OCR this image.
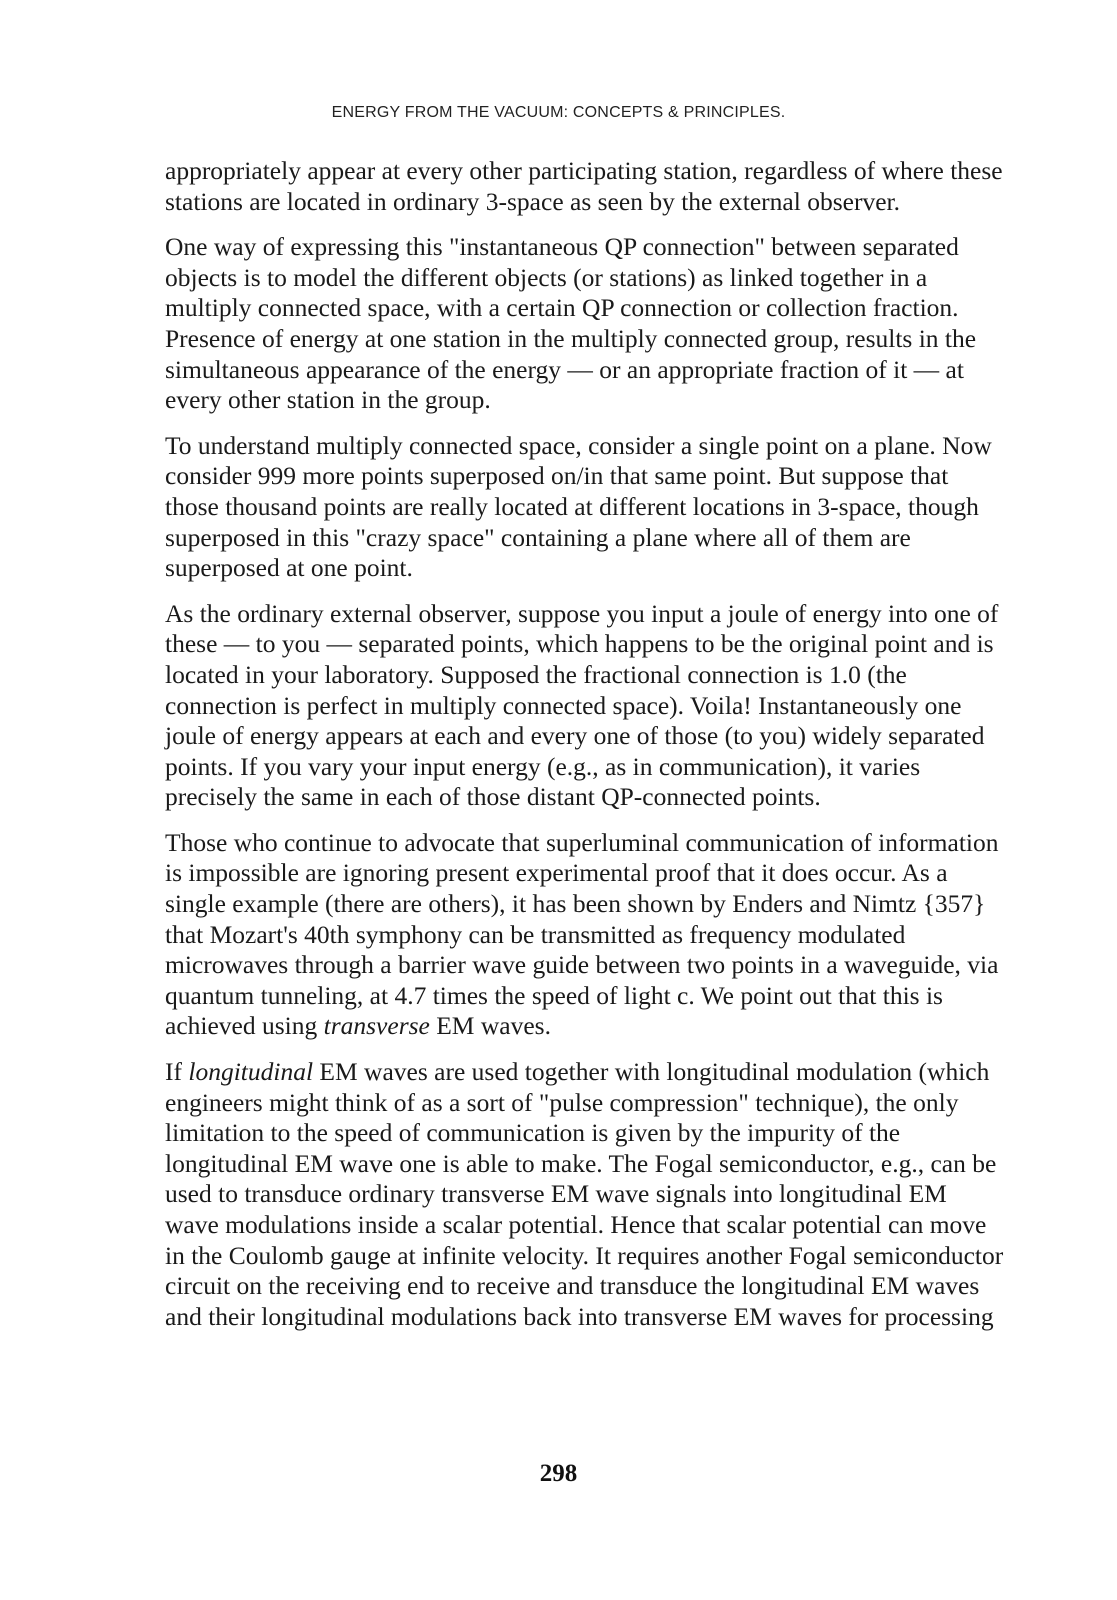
ENERGY FROM THE VACUUM: CONCEPTS & PRINCIPLES.

appropriately appear at every other participating station, regardless of where these stations are located in ordinary 3-space as seen by the external observer.

One way of expressing this "instantaneous QP connection" between separated objects is to model the different objects (or stations) as linked together in a multiply connected space, with a certain QP connection or collection fraction. Presence of energy at one station in the multiply connected group, results in the simultaneous appearance of the energy — or an appropriate fraction of it — at every other station in the group.

To understand multiply connected space, consider a single point on a plane. Now consider 999 more points superposed on/in that same point. But suppose that those thousand points are really located at different locations in 3-space, though superposed in this "crazy space" containing a plane where all of them are superposed at one point.

As the ordinary external observer, suppose you input a joule of energy into one of these — to you — separated points, which happens to be the original point and is located in your laboratory. Supposed the fractional connection is 1.0 (the connection is perfect in multiply connected space). Voila! Instantaneously one joule of energy appears at each and every one of those (to you) widely separated points. If you vary your input energy (e.g., as in communication), it varies precisely the same in each of those distant QP-connected points.

Those who continue to advocate that superluminal communication of information is impossible are ignoring present experimental proof that it does occur. As a single example (there are others), it has been shown by Enders and Nimtz {357} that Mozart's 40th symphony can be transmitted as frequency modulated microwaves through a barrier wave guide between two points in a waveguide, via quantum tunneling, at 4.7 times the speed of light c. We point out that this is achieved using transverse EM waves.

If longitudinal EM waves are used together with longitudinal modulation (which engineers might think of as a sort of "pulse compression" technique), the only limitation to the speed of communication is given by the impurity of the longitudinal EM wave one is able to make. The Fogal semiconductor, e.g., can be used to transduce ordinary transverse EM wave signals into longitudinal EM wave modulations inside a scalar potential. Hence that scalar potential can move in the Coulomb gauge at infinite velocity. It requires another Fogal semiconductor circuit on the receiving end to receive and transduce the longitudinal EM waves and their longitudinal modulations back into transverse EM waves for processing

298
